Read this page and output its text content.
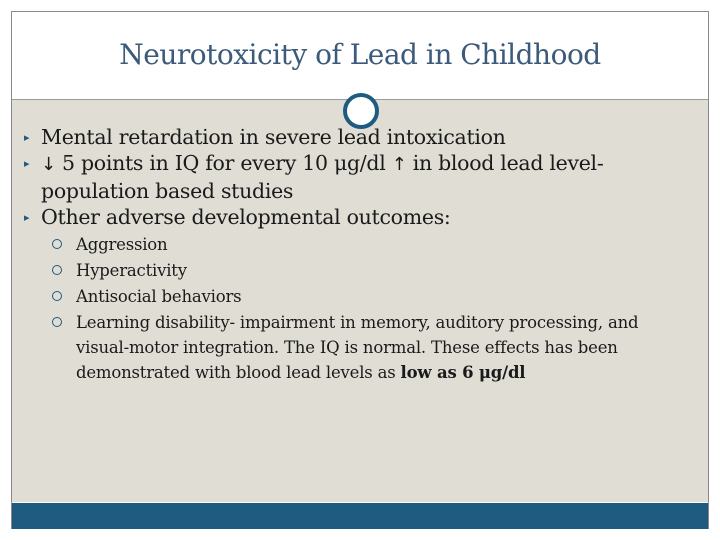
Neurotoxicity of Lead in Childhood
▸ Mental retardation in severe lead intoxication
▸ ↓ 5 points in IQ for every 10 μg/dl ↑ in blood lead level-population based studies
▸ Other adverse developmental outcomes:
Aggression
Hyperactivity
Antisocial behaviors
Learning disability- impairment in memory, auditory processing, and visual-motor integration. The IQ is normal. These effects has been demonstrated with blood lead levels as low as 6 μg/dl
